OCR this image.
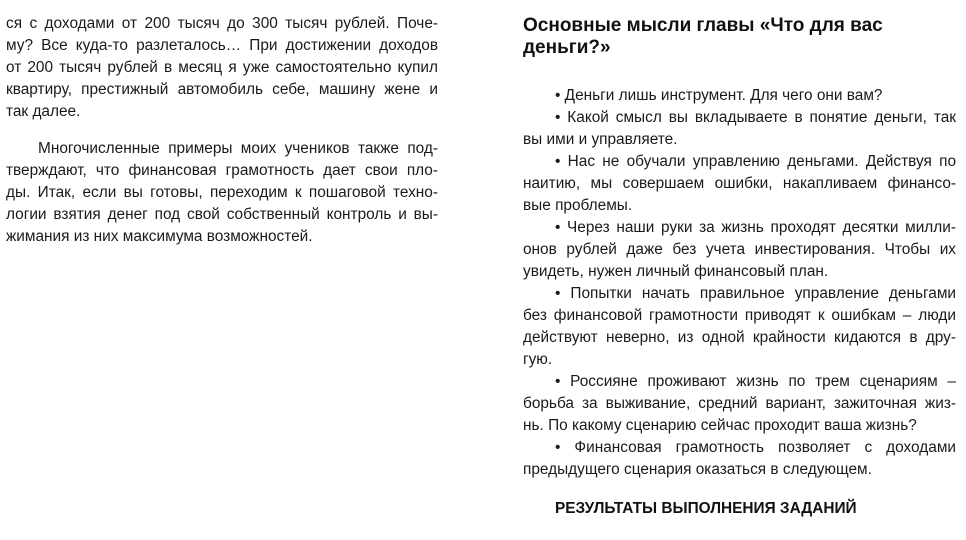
ся с доходами от 200 тысяч до 300 тысяч рублей. Поче-
му? Все куда-то разлеталось… При достижении доходов
от 200 тысяч рублей в месяц я уже самостоятельно купил
квартиру, престижный автомобиль себе, машину жене и
так далее.
Многочисленные примеры моих учеников также под-
тверждают, что финансовая грамотность дает свои пло-
ды. Итак, если вы готовы, переходим к пошаговой техно-
логии взятия денег под свой собственный контроль и вы-
жимания из них максимума возможностей.
Основные мысли главы «Что для вас
деньги?»
• Деньги лишь инструмент. Для чего они вам?
• Какой смысл вы вкладываете в понятие деньги, так
вы ими и управляете.
• Нас не обучали управлению деньгами. Действуя по
наитию, мы совершаем ошибки, накапливаем финансо-
вые проблемы.
• Через наши руки за жизнь проходят десятки милли-
онов рублей даже без учета инвестирования. Чтобы их
увидеть, нужен личный финансовый план.
• Попытки начать правильное управление деньгами
без финансовой грамотности приводят к ошибкам – люди
действуют неверно, из одной крайности кидаются в дру-
гую.
• Россияне проживают жизнь по трем сценариям –
борьба за выживание, средний вариант, зажиточная жиз-
нь. По какому сценарию сейчас проходит ваша жизнь?
• Финансовая грамотность позволяет с доходами
предыдущего сценария оказаться в следующем.
РЕЗУЛЬТАТЫ ВЫПОЛНЕНИЯ ЗАДАНИЙ
